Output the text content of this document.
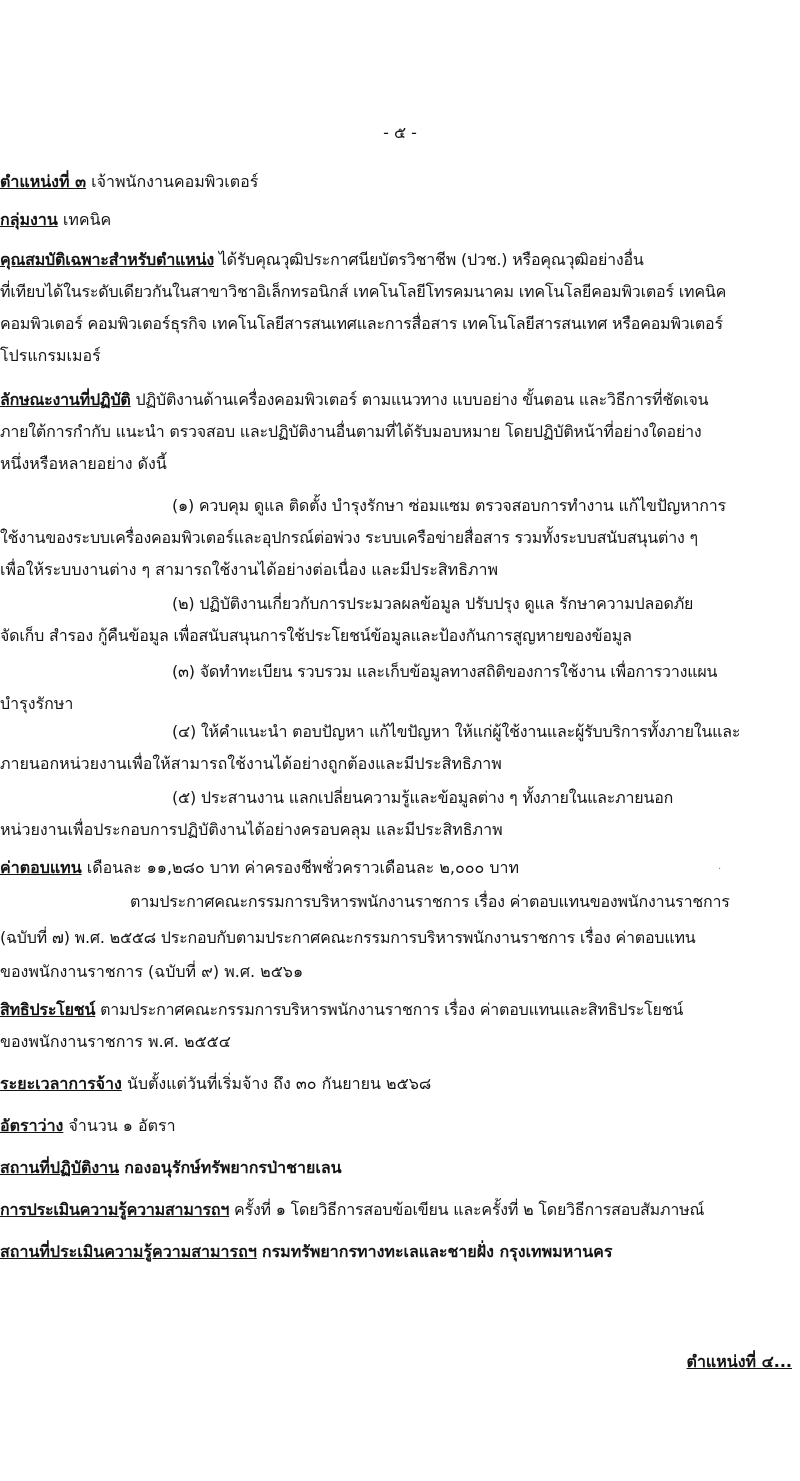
- ๕ -
ตำแหน่งที่ ๓ เจ้าพนักงานคอมพิวเตอร์
กลุ่มงาน เทคนิค
คุณสมบัติเฉพาะสำหรับตำแหน่ง ได้รับคุณวุฒิประกาศนียบัตรวิชาชีพ (ปวช.) หรือคุณวุฒิอย่างอื่น
ที่เทียบได้ในระดับเดียวกันในสาขาวิชาอิเล็กทรอนิกส์ เทคโนโลยีโทรคมนาคม เทคโนโลยีคอมพิวเตอร์ เทคนิค
คอมพิวเตอร์ คอมพิวเตอร์ธุรกิจ เทคโนโลยีสารสนเทศและการสื่อสาร เทคโนโลยีสารสนเทศ หรือคอมพิวเตอร์
โปรแกรมเมอร์
ลักษณะงานที่ปฏิบัติ ปฏิบัติงานด้านเครื่องคอมพิวเตอร์ ตามแนวทาง แบบอย่าง ขั้นตอน และวิธีการที่ชัดเจน
ภายใต้การกำกับ แนะนำ ตรวจสอบ และปฏิบัติงานอื่นตามที่ได้รับมอบหมาย โดยปฏิบัติหน้าที่อย่างใดอย่าง
หนึ่งหรือหลายอย่าง ดังนี้
(๑) ควบคุม ดูแล ติดตั้ง บำรุงรักษา ซ่อมแซม ตรวจสอบการทำงาน แก้ไขปัญหาการ
ใช้งานของระบบเครื่องคอมพิวเตอร์และอุปกรณ์ต่อพ่วง ระบบเครือข่ายสื่อสาร รวมทั้งระบบสนับสนุนต่าง ๆ
เพื่อให้ระบบงานต่าง ๆ สามารถใช้งานได้อย่างต่อเนื่อง และมีประสิทธิภาพ
(๒) ปฏิบัติงานเกี่ยวกับการประมวลผลข้อมูล ปรับปรุง ดูแล รักษาความปลอดภัย
จัดเก็บ สำรอง กู้คืนข้อมูล เพื่อสนับสนุนการใช้ประโยชน์ข้อมูลและป้องกันการสูญหายของข้อมูล
(๓) จัดทำทะเบียน รวบรวม และเก็บข้อมูลทางสถิติของการใช้งาน เพื่อการวางแผน
บำรุงรักษา
(๔) ให้คำแนะนำ ตอบปัญหา แก้ไขปัญหา ให้แก่ผู้ใช้งานและผู้รับบริการทั้งภายในและ
ภายนอกหน่วยงานเพื่อให้สามารถใช้งานได้อย่างถูกต้องและมีประสิทธิภาพ
(๕) ประสานงาน แลกเปลี่ยนความรู้และข้อมูลต่าง ๆ ทั้งภายในและภายนอก
หน่วยงานเพื่อประกอบการปฏิบัติงานได้อย่างครอบคลุม และมีประสิทธิภาพ
ค่าตอบแทน เดือนละ ๑๑,๒๘๐ บาท ค่าครองชีพชั่วคราวเดือนละ ๒,๐๐๐ บาท	·
ตามประกาศคณะกรรมการบริหารพนักงานราชการ เรื่อง ค่าตอบแทนของพนักงานราชการ
(ฉบับที่ ๗) พ.ศ. ๒๕๕๘ ประกอบกับตามประกาศคณะกรรมการบริหารพนักงานราชการ เรื่อง ค่าตอบแทน
ของพนักงานราชการ (ฉบับที่ ๙) พ.ศ. ๒๕๖๑
สิทธิประโยชน์ ตามประกาศคณะกรรมการบริหารพนักงานราชการ เรื่อง ค่าตอบแทนและสิทธิประโยชน์
ของพนักงานราชการ พ.ศ. ๒๕๕๔
ระยะเวลาการจ้าง นับตั้งแต่วันที่เริ่มจ้าง ถึง ๓๐ กันยายน ๒๕๖๘
อัตราว่าง จำนวน ๑ อัตรา
สถานที่ปฏิบัติงาน กองอนุรักษ์ทรัพยากรป่าชายเลน
การประเมินความรู้ความสามารถฯ ครั้งที่ ๑ โดยวิธีการสอบข้อเขียน และครั้งที่ ๒ โดยวิธีการสอบสัมภาษณ์
สถานที่ประเมินความรู้ความสามารถฯ กรมทรัพยากรทางทะเลและชายฝั่ง กรุงเทพมหานคร
ตำแหน่งที่ ๔...
